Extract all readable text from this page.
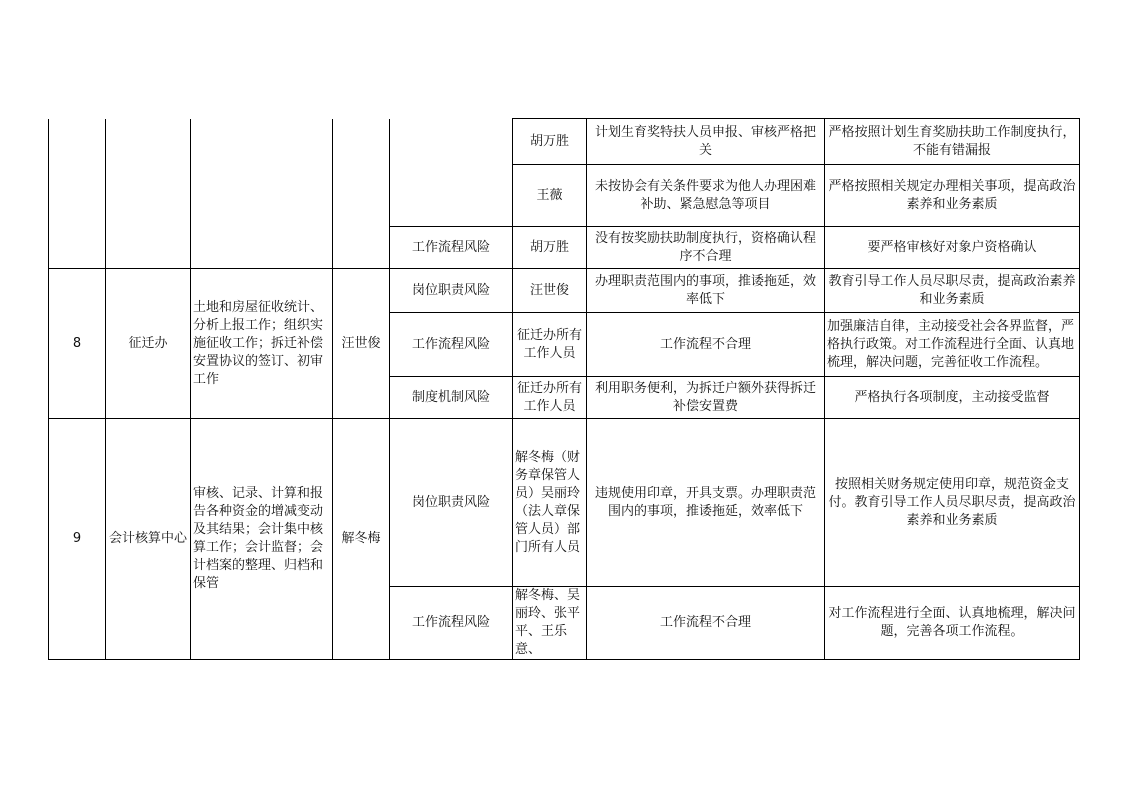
					胡万胜	计划生育奖特扶人员申报、审核严格把关	严格按照计划生育奖励扶助工作制度执行，不能有错漏报
					王薇	未按协会有关条件要求为他人办理困难补助、紧急慰急等项目	严格按照相关规定办理相关事项，提高政治素养和业务素质
				工作流程风险	胡万胜	没有按奖励扶助制度执行，资格确认程序不合理	要严格审核好对象户资格确认
8	征迁办	土地和房屋征收统计、分析上报工作；组织实施征收工作；拆迁补偿安置协议的签订、初审工作	汪世俊	岗位职责风险	汪世俊	办理职责范围内的事项，推诿拖延，效率低下	教育引导工作人员尽职尽责，提高政治素养和业务素质
				工作流程风险	征迁办所有工作人员	工作流程不合理	加强廉洁自律，主动接受社会各界监督，严格执行政策。对工作流程进行全面、认真地梳理，解决问题，完善征收工作流程。
				制度机制风险	征迁办所有工作人员	利用职务便利，为拆迁户额外获得拆迁补偿安置费	严格执行各项制度，主动接受监督
9	会计核算中心	审核、记录、计算和报告各种资金的增减变动及其结果；会计集中核算工作；会计监督；会计档案的整理、归档和保管	解冬梅	岗位职责风险	解冬梅（财务章保管人员）吴丽玲（法人章保管人员）部门所有人员	违规使用印章，开具支票。办理职责范围内的事项，推诿拖延，效率低下	按照相关财务规定使用印章，规范资金支付。教育引导工作人员尽职尽责，提高政治素养和业务素质
				工作流程风险	解冬梅、吴丽玲、张平平、王乐意、	工作流程不合理	对工作流程进行全面、认真地梳理，解决问题，完善各项工作流程。
